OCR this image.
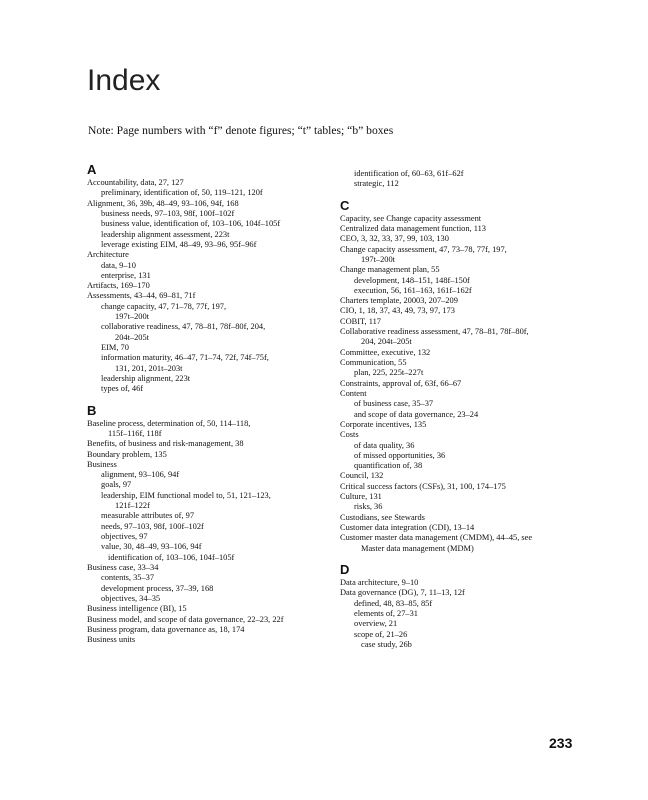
Index
Note: Page numbers with “f” denote figures; “t” tables; “b” boxes
A
Accountability, data, 27, 127
preliminary, identification of, 50, 119–121, 120f
Alignment, 36, 39b, 48–49, 93–106, 94f, 168
business needs, 97–103, 98f, 100f–102f
business value, identification of, 103–106, 104f–105f
leadership alignment assessment, 223t
leverage existing EIM, 48–49, 93–96, 95f–96f
Architecture
data, 9–10
enterprise, 131
Artifacts, 169–170
Assessments, 43–44, 69–81, 71f
change capacity, 47, 71–78, 77f, 197,
197t–200t
collaborative readiness, 47, 78–81, 78f–80f, 204,
204t–205t
EIM, 70
information maturity, 46–47, 71–74, 72f, 74f–75f,
131, 201, 201t–203t
leadership alignment, 223t
types of, 46f
B
Baseline process, determination of, 50, 114–118,
115f–116f, 118f
Benefits, of business and risk-management, 38
Boundary problem, 135
Business
alignment, 93–106, 94f
goals, 97
leadership, EIM functional model to, 51, 121–123,
121f–122f
measurable attributes of, 97
needs, 97–103, 98f, 100f–102f
objectives, 97
value, 30, 48–49, 93–106, 94f
identification of, 103–106, 104f–105f
Business case, 33–34
contents, 35–37
development process, 37–39, 168
objectives, 34–35
Business intelligence (BI), 15
Business model, and scope of data governance, 22–23, 22f
Business program, data governance as, 18, 174
Business units
identification of, 60–63, 61f–62f
strategic, 112
C
Capacity, see Change capacity assessment
Centralized data management function, 113
CEO, 3, 32, 33, 37, 99, 103, 130
Change capacity assessment, 47, 73–78, 77f, 197,
197t–200t
Change management plan, 55
development, 148–151, 148f–150f
execution, 56, 161–163, 161f–162f
Charters template, 20003, 207–209
CIO, 1, 18, 37, 43, 49, 73, 97, 173
COBIT, 117
Collaborative readiness assessment, 47, 78–81, 78f–80f,
204, 204t–205t
Committee, executive, 132
Communication, 55
plan, 225, 225t–227t
Constraints, approval of, 63f, 66–67
Content
of business case, 35–37
and scope of data governance, 23–24
Corporate incentives, 135
Costs
of data quality, 36
of missed opportunities, 36
quantification of, 38
Council, 132
Critical success factors (CSFs), 31, 100, 174–175
Culture, 131
risks, 36
Custodians, see Stewards
Customer data integration (CDI), 13–14
Customer master data management (CMDM), 44–45, see
Master data management (MDM)
D
Data architecture, 9–10
Data governance (DG), 7, 11–13, 12f
defined, 48, 83–85, 85f
elements of, 27–31
overview, 21
scope of, 21–26
case study, 26b
233
